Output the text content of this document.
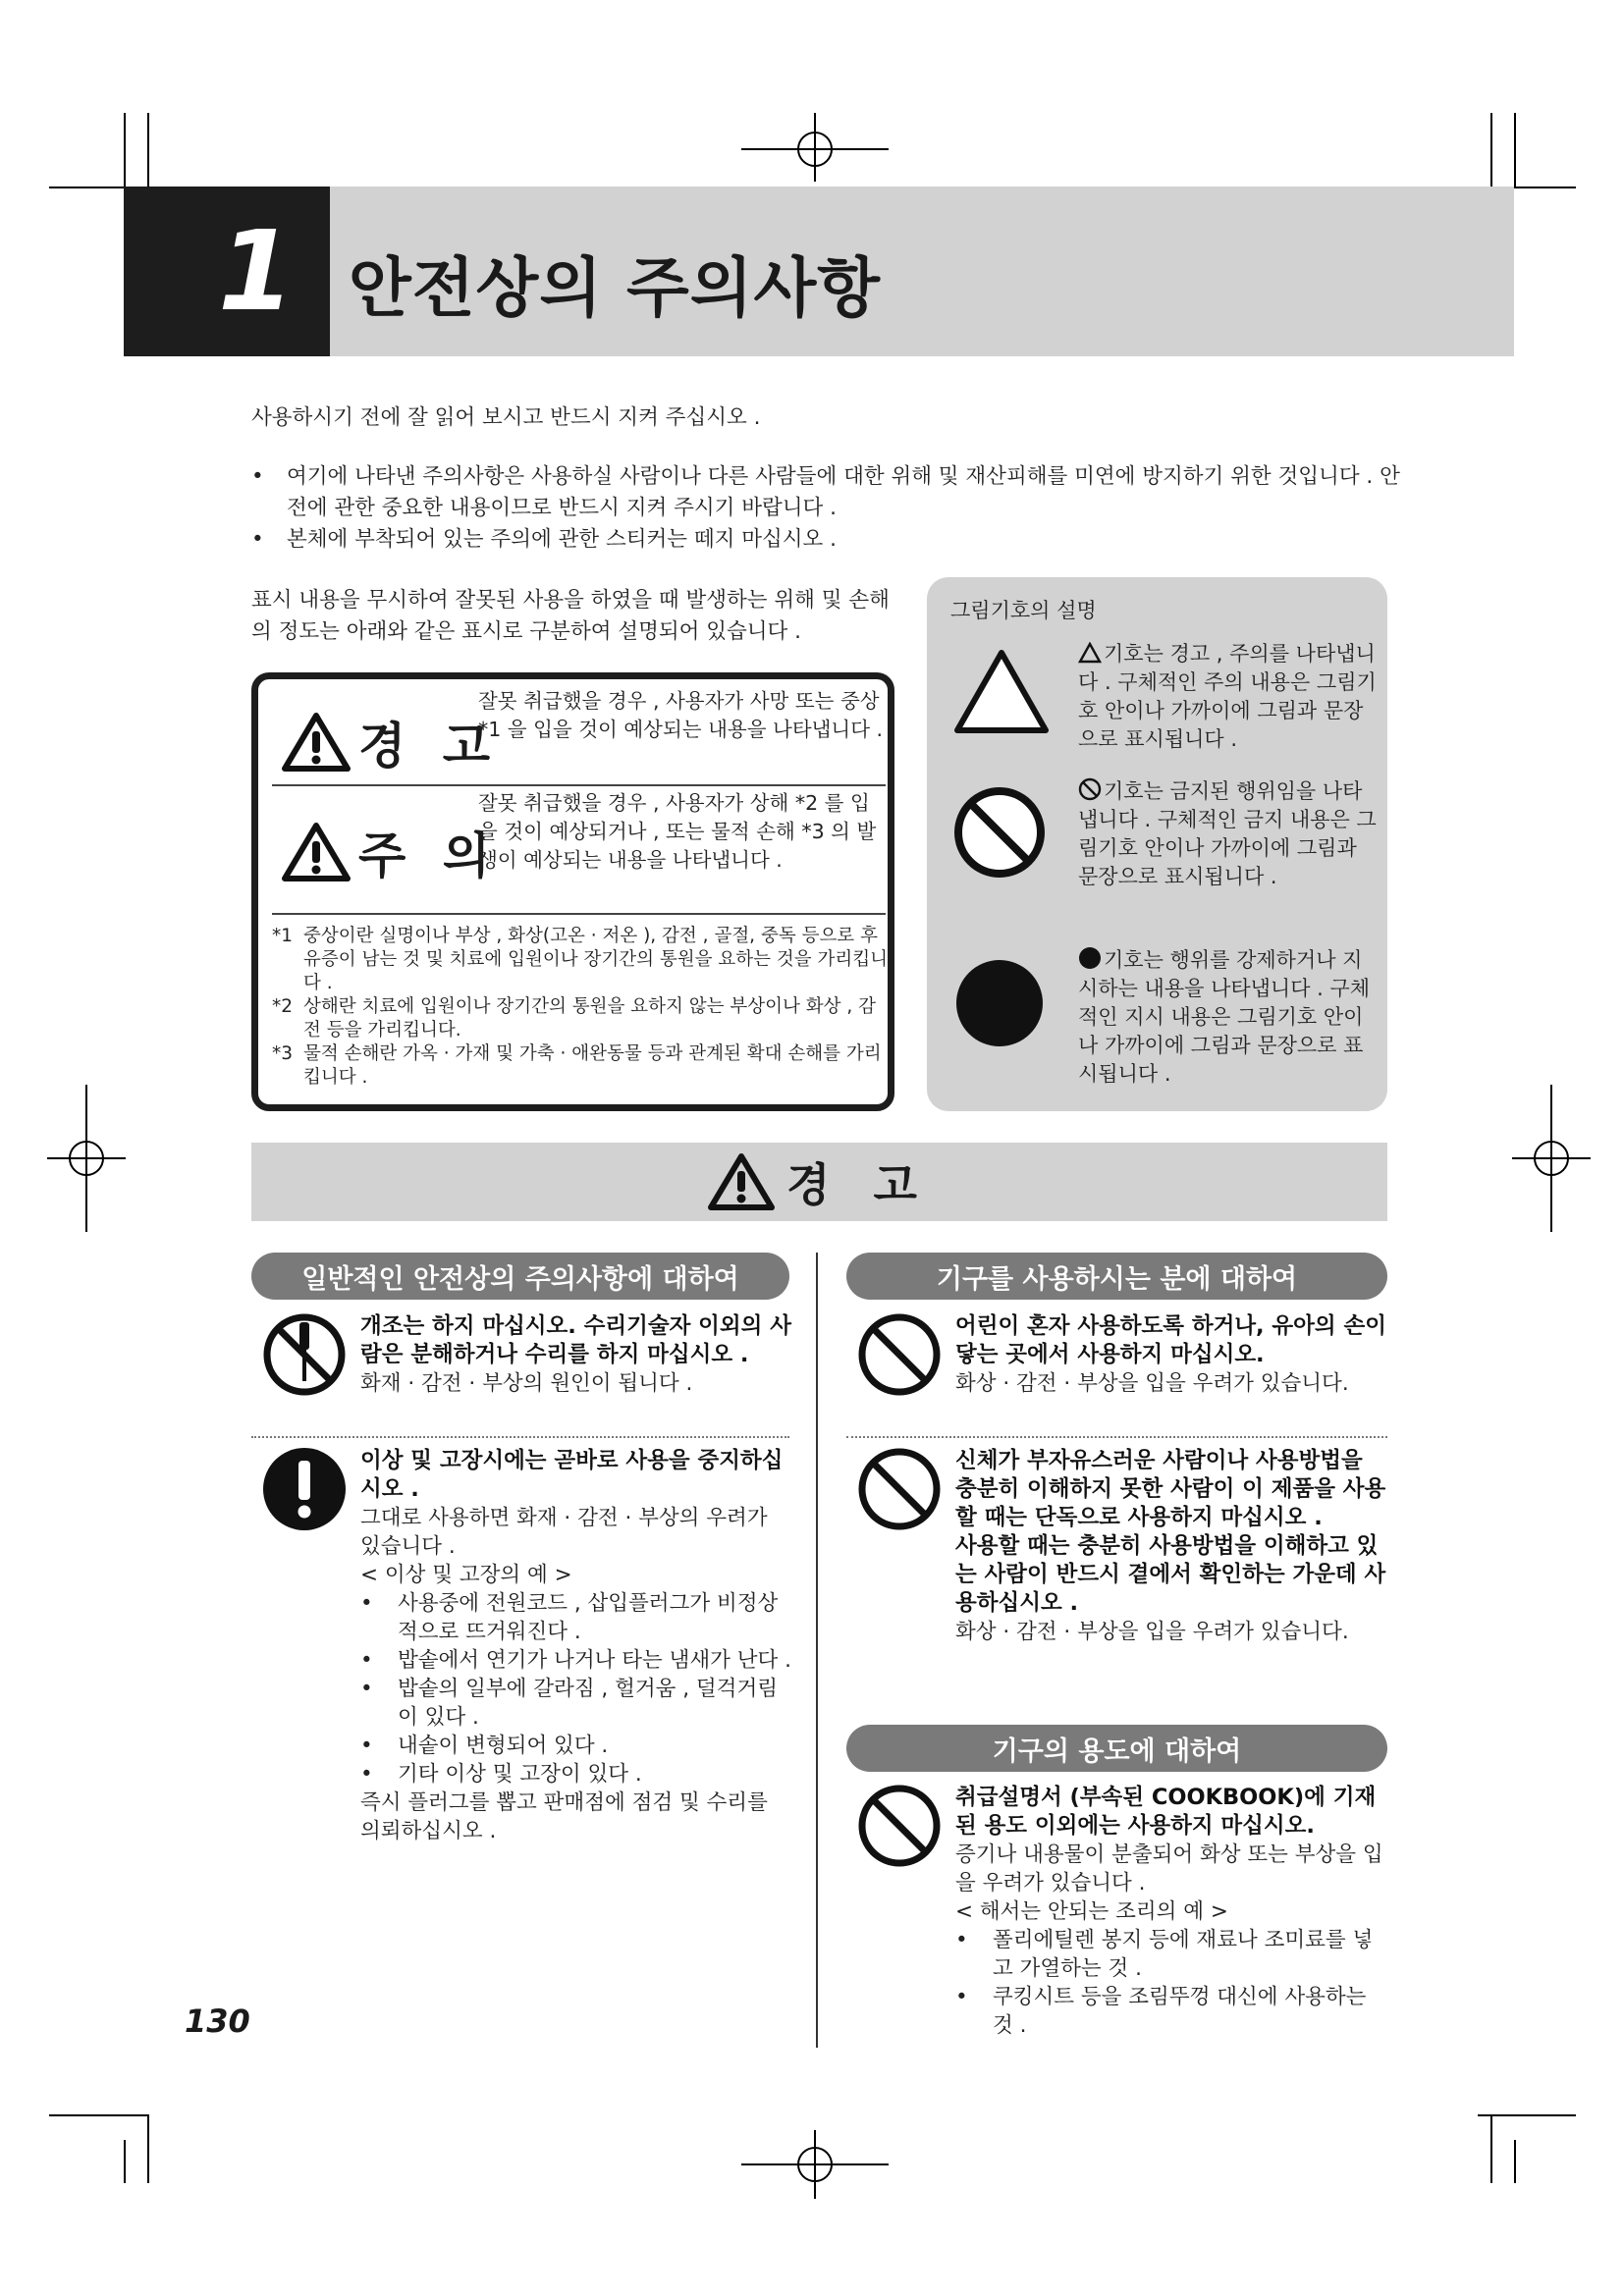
1 안전상의 주의사항
사용하시기 전에 잘 읽어 보시고 반드시 지켜 주십시오 .
• 여기에 나타낸 주의사항은 사용하실 사람이나 다른 사람들에 대한 위해 및 재산피해를 미연에 방지하기 위한 것입니다 . 안전에 관한 중요한 내용이므로 반드시 지켜 주시기 바랍니다 .
• 본체에 부착되어 있는 주의에 관한 스티커는 떼지 마십시오 .
표시 내용을 무시하여 잘못된 사용을 하였을 때 발생하는 위해 및 손해의 정도는 아래와 같은 표시로 구분하여 설명되어 있습니다 .
경 고
잘못 취급했을 경우 , 사용자가 사망 또는 중상 *1 을 입을 것이 예상되는 내용을 나타냅니다 .
주 의
잘못 취급했을 경우 , 사용자가 상해 *2 를 입을 것이 예상되거나 , 또는 물적 손해 *3 의 발생이 예상되는 내용을 나타냅니다 .
*1 중상이란 실명이나 부상 , 화상(고온 · 저온 ), 감전 , 골절, 중독 등으로 후유증이 남는 것 및 치료에 입원이나 장기간의 통원을 요하는 것을 가리킵니다 .
*2 상해란 치료에 입원이나 장기간의 통원을 요하지 않는 부상이나 화상 , 감전 등을 가리킵니다.
*3 물적 손해란 가옥 · 가재 및 가축 · 애완동물 등과 관계된 확대 손해를 가리킵니다 .
그림기호의 설명
기호는 경고 , 주의를 나타냅니다 . 구체적인 주의 내용은 그림기호 안이나 가까이에 그림과 문장으로 표시됩니다 .
기호는 금지된 행위임을 나타냅니다 . 구체적인 금지 내용은 그림기호 안이나 가까이에 그림과 문장으로 표시됩니다 .
기호는 행위를 강제하거나 지시하는 내용을 나타냅니다 . 구체적인 지시 내용은 그림기호 안이나 가까이에 그림과 문장으로 표시됩니다 .
경 고
일반적인 안전상의 주의사항에 대하여	기구를 사용하시는 분에 대하여
기구의 용도에 대하여
개조는 하지 마십시오. 수리기술자 이외의 사람은 분해하거나 수리를 하지 마십시오 .
화재 · 감전 · 부상의 원인이 됩니다 .
이상 및 고장시에는 곧바로 사용을 중지하십시오 .
그대로 사용하면 화재 · 감전 · 부상의 우려가 있습니다 .
< 이상 및 고장의 예 >
• 사용중에 전원코드 , 삽입플러그가 비정상적으로 뜨거워진다 .
• 밥솥에서 연기가 나거나 타는 냄새가 난다 .
• 밥솥의 일부에 갈라짐 , 헐거움 , 덜걱거림이 있다 .
• 내솥이 변형되어 있다 .
• 기타 이상 및 고장이 있다 .
즉시 플러그를 뽑고 판매점에 점검 및 수리를 의뢰하십시오 .
어린이 혼자 사용하도록 하거나, 유아의 손이 닿는 곳에서 사용하지 마십시오.
화상 · 감전 · 부상을 입을 우려가 있습니다.
신체가 부자유스러운 사람이나 사용방법을 충분히 이해하지 못한 사람이 이 제품을 사용할 때는 단독으로 사용하지 마십시오 .
사용할 때는 충분히 사용방법을 이해하고 있는 사람이 반드시 곁에서 확인하는 가운데 사용하십시오 .
화상 · 감전 · 부상을 입을 우려가 있습니다.
취급설명서 (부속된 COOKBOOK)에 기재된 용도 이외에는 사용하지 마십시오.
증기나 내용물이 분출되어 화상 또는 부상을 입을 우려가 있습니다 .
< 해서는 안되는 조리의 예 >
• 폴리에틸렌 봉지 등에 재료나 조미료를 넣고 가열하는 것 .
• 쿠킹시트 등을 조림뚜껑 대신에 사용하는 것 .
130
